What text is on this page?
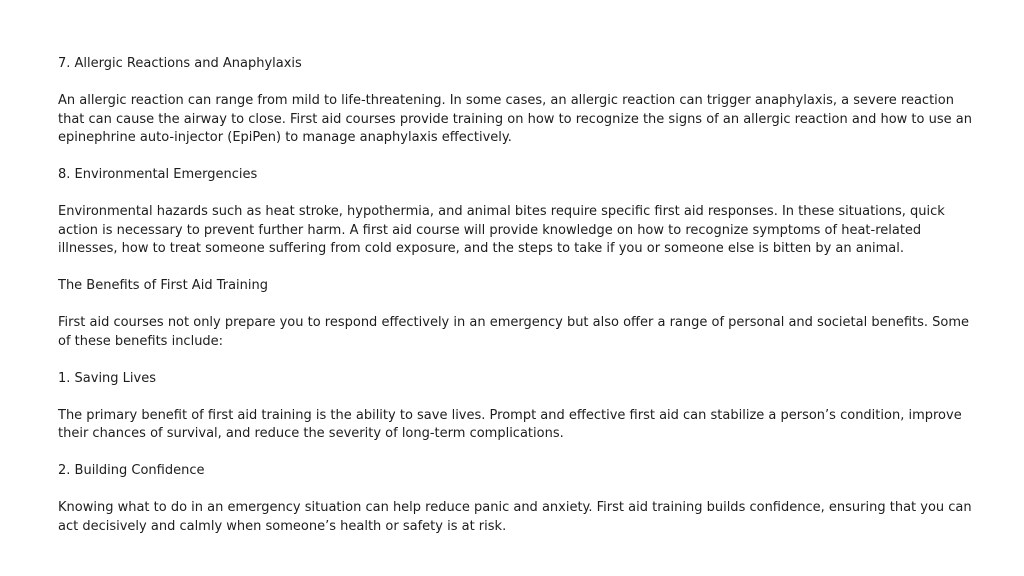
7. Allergic Reactions and Anaphylaxis
An allergic reaction can range from mild to life-threatening. In some cases, an allergic reaction can trigger anaphylaxis, a severe reaction that can cause the airway to close. First aid courses provide training on how to recognize the signs of an allergic reaction and how to use an epinephrine auto-injector (EpiPen) to manage anaphylaxis effectively.
8. Environmental Emergencies
Environmental hazards such as heat stroke, hypothermia, and animal bites require specific first aid responses. In these situations, quick action is necessary to prevent further harm. A first aid course will provide knowledge on how to recognize symptoms of heat-related illnesses, how to treat someone suffering from cold exposure, and the steps to take if you or someone else is bitten by an animal.
The Benefits of First Aid Training
First aid courses not only prepare you to respond effectively in an emergency but also offer a range of personal and societal benefits. Some of these benefits include:
1. Saving Lives
The primary benefit of first aid training is the ability to save lives. Prompt and effective first aid can stabilize a person’s condition, improve their chances of survival, and reduce the severity of long-term complications.
2. Building Confidence
Knowing what to do in an emergency situation can help reduce panic and anxiety. First aid training builds confidence, ensuring that you can act decisively and calmly when someone’s health or safety is at risk.
